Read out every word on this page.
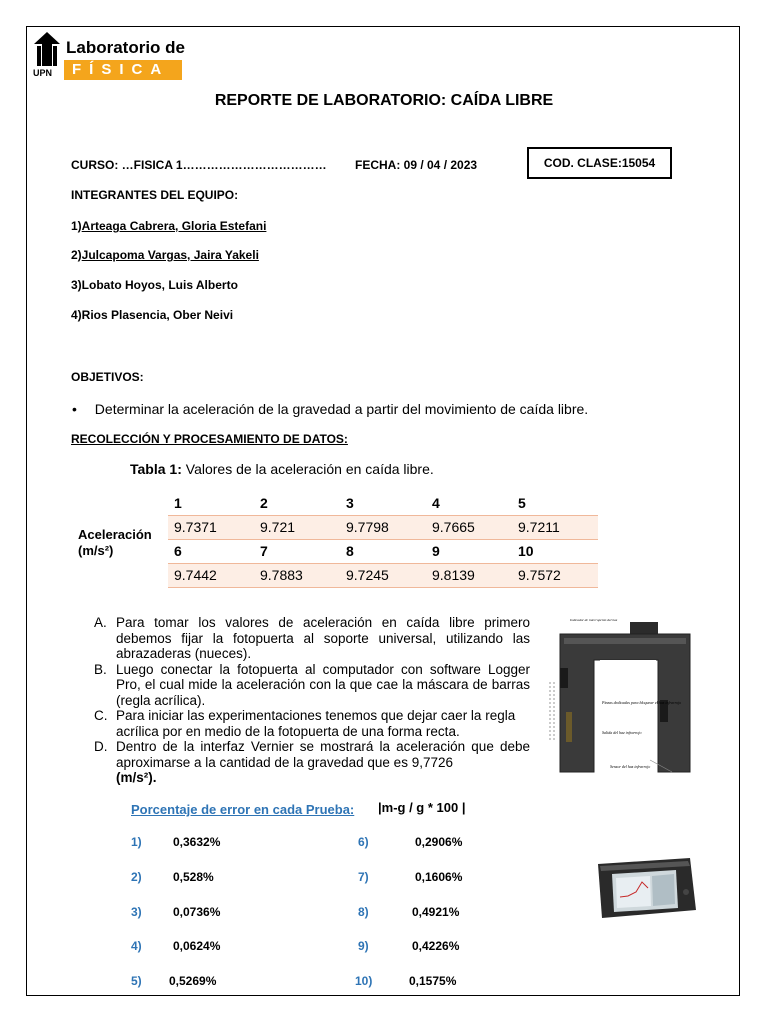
UPN
Laboratorio de
FÍSICA
REPORTE DE LABORATORIO: CAÍDA LIBRE
CURSO: …FISICA 1……………………………… FECHA: 09 / 04 / 2023	COD. CLASE:15054
INTEGRANTES DEL EQUIPO:
1)Arteaga Cabrera, Gloria Estefani
2)Julcapoma Vargas, Jaira Yakeli
3)Lobato Hoyos, Luis Alberto
4)Rios Plasencia, Ober Neivi
OBJETIVOS:
• Determinar la aceleración de la gravedad a partir del movimiento de caída libre.
RECOLECCIÓN Y PROCESAMIENTO DE DATOS:
Tabla 1: Valores de la aceleración en caída libre.
Aceleración
(m/s²)
1	2	3	4	5
9.7371	9.721	9.7798	9.7665	9.7211
6	7	8	9	10
9.7442	9.7883	9.7245	9.8139	9.7572
A. Para tomar los valores de aceleración en caída libre primero debemos fijar la fotopuerta al soporte universal, utilizando las abrazaderas (nueces).
B. Luego conectar la fotopuerta al computador con software Logger Pro, el cual mide la aceleración con la que cae la máscara de barras (regla acrílica).
C. Para iniciar las experimentaciones tenemos que dejar caer la regla acrílica por en medio de la fotopuerta de una forma recta.
D. Dentro de la interfaz Vernier se mostrará la aceleración que debe aproximarse a la cantidad de la gravedad que es 9,7726
(m/s²).
Indicador de interrupción del haz
Pinzas dedicadas para bloquear el haz infrarrojo
Salida del haz infrarrojo
Sensor del haz infrarrojo
Porcentaje de error en cada Prueba: |m-g / g * 100 |
1)	0,3632%
2)	0,528%
3)	0,0736%
4)	0,0624%
5) 0,5269%
6)	0,2906%
7)	0,1606%
8)	0,4921%
9)	0,4226%
10)	0,1575%
